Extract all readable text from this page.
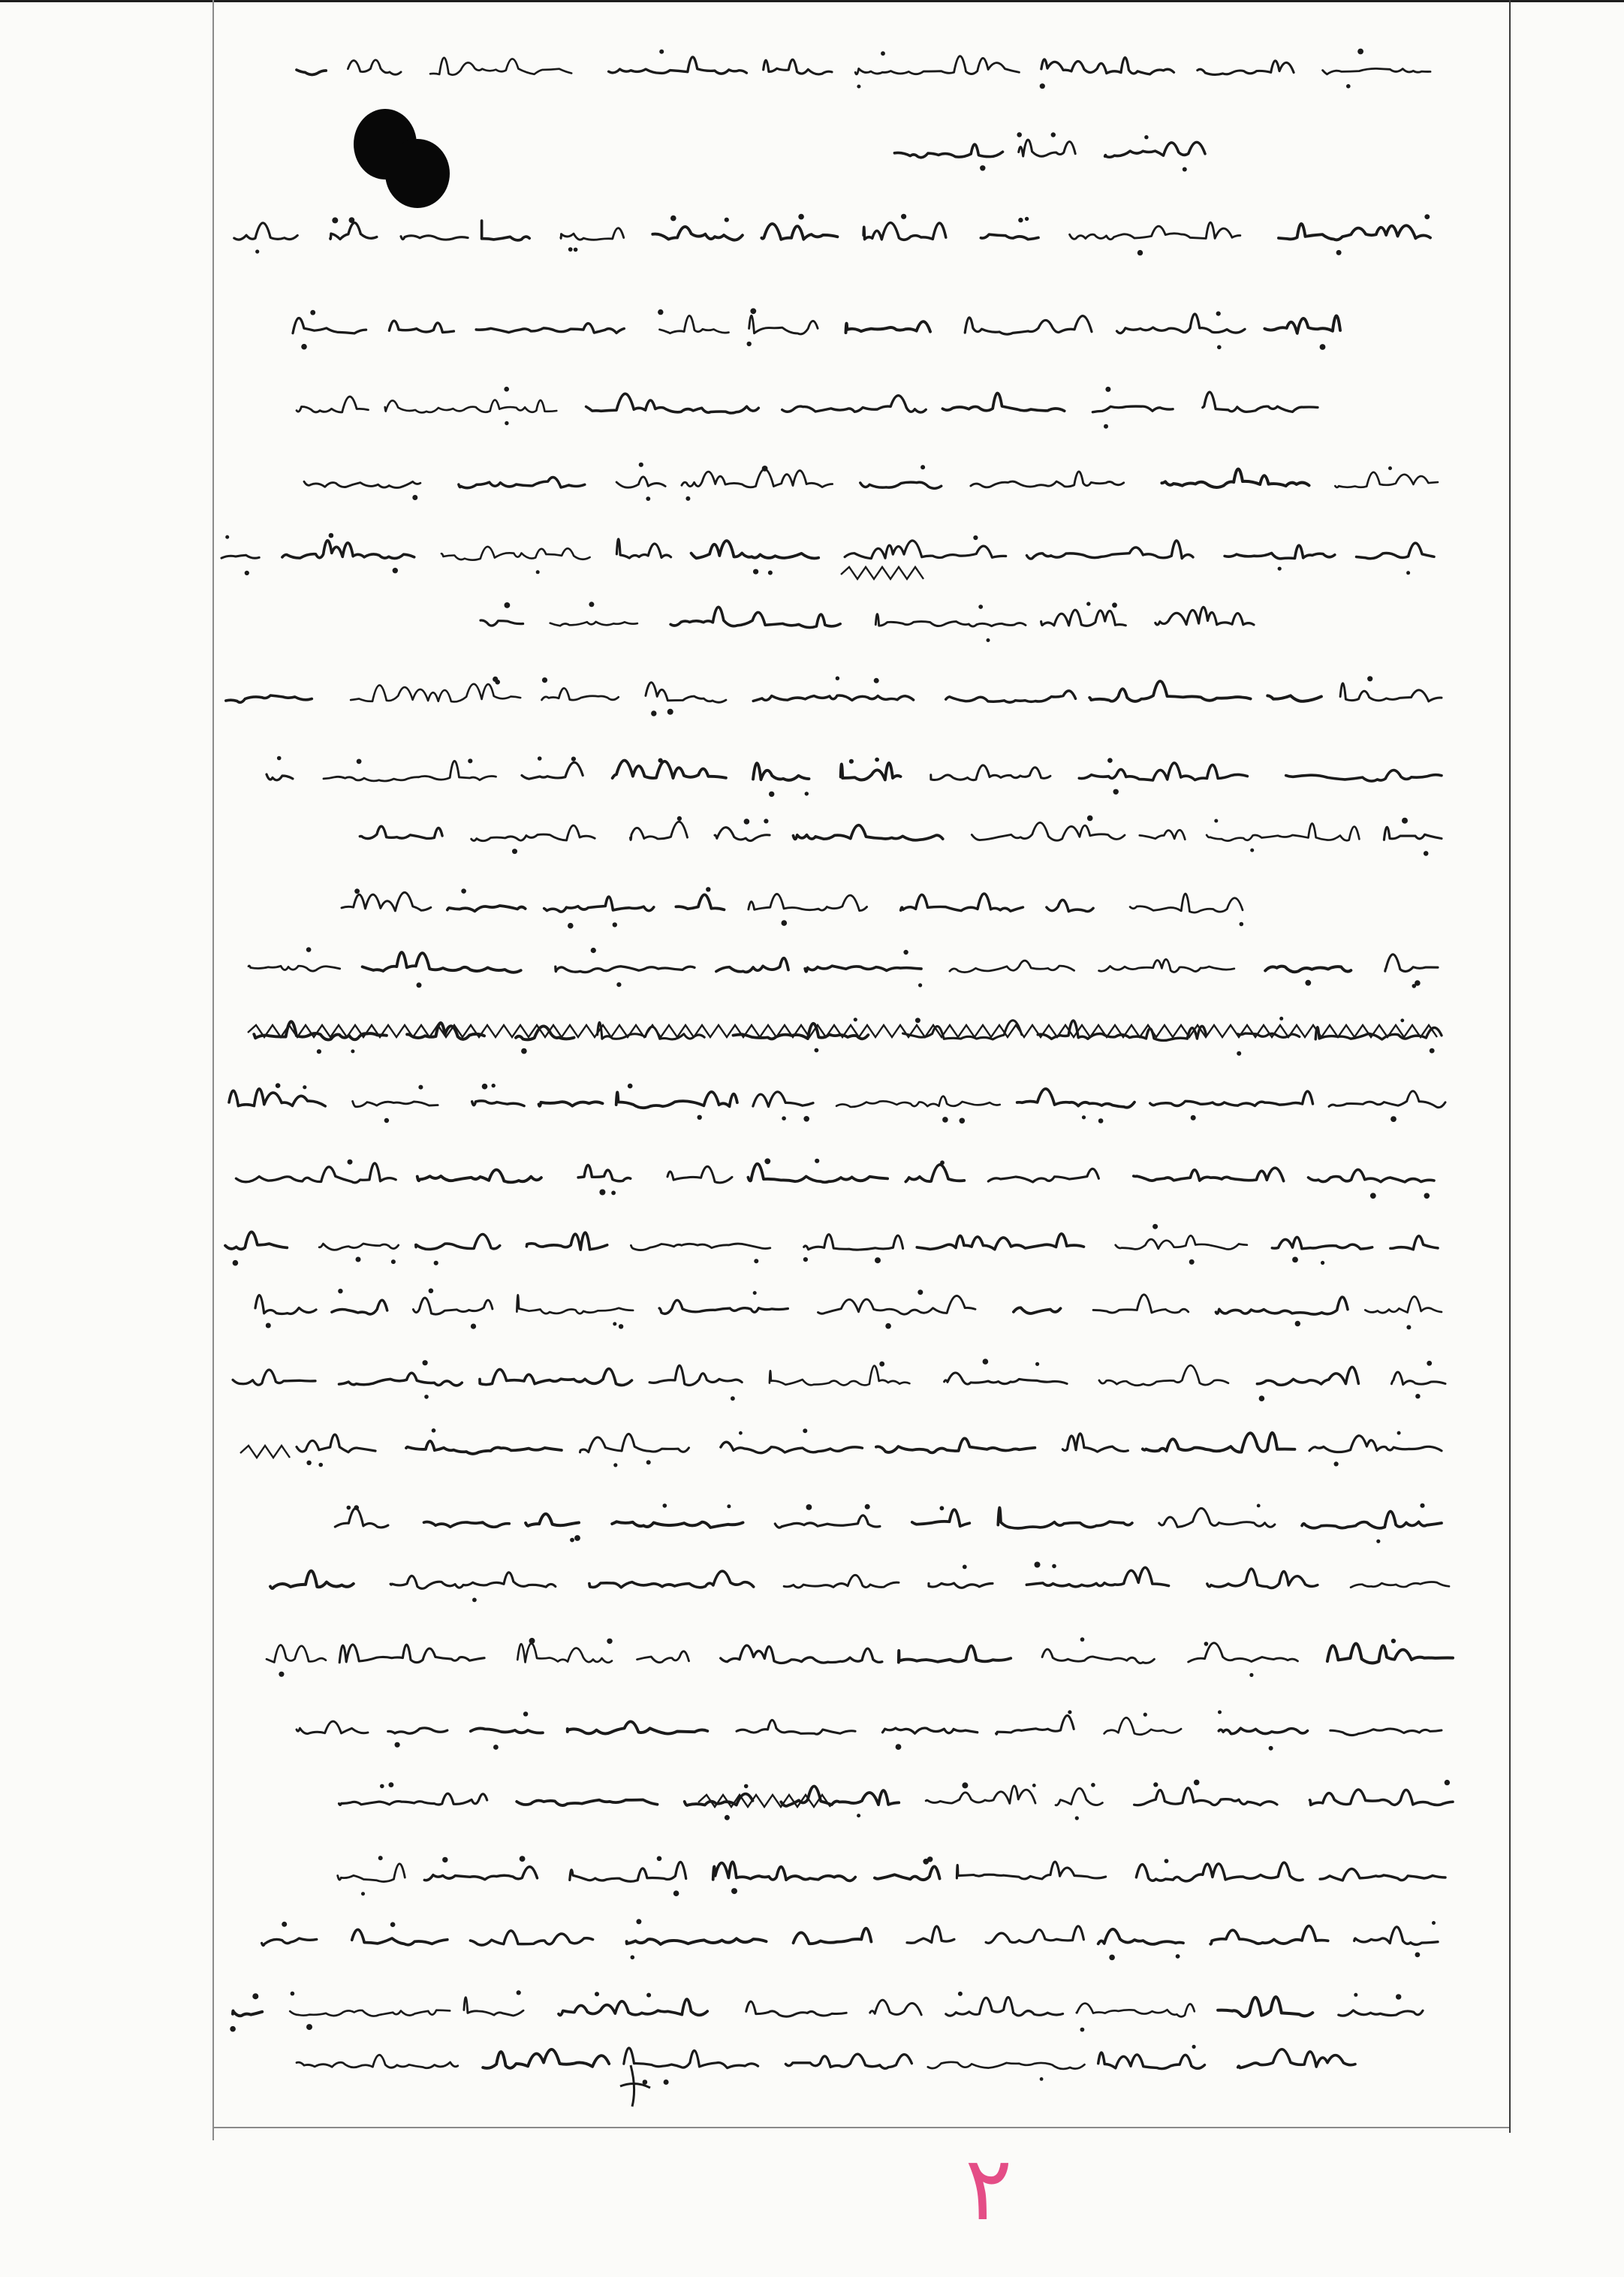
۲
